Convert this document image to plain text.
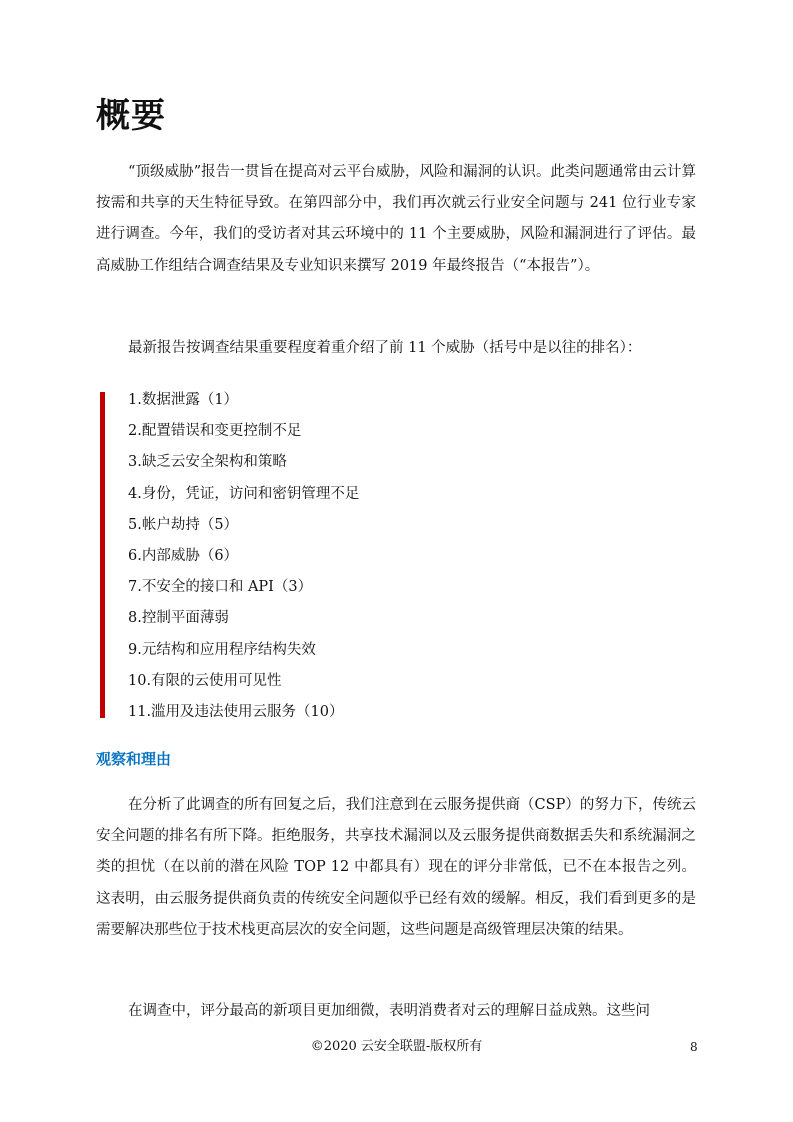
概要

“顶级威胁”报告一贯旨在提高对云平台威胁，风险和漏洞的认识。此类问题通常由云计算按需和共享的天生特征导致。在第四部分中，我们再次就云行业安全问题与 241 位行业专家进行调查。今年，我们的受访者对其云环境中的 11 个主要威胁，风险和漏洞进行了评估。最高威胁工作组结合调查结果及专业知识来撰写 2019 年最终报告（“本报告”）。

最新报告按调查结果重要程度着重介绍了前 11 个威胁（括号中是以往的排名）：

1.数据泄露（1）
2.配置错误和变更控制不足
3.缺乏云安全架构和策略
4.身份，凭证，访问和密钥管理不足
5.帐户劫持（5）
6.内部威胁（6）
7.不安全的接口和 API（3）
8.控制平面薄弱
9.元结构和应用程序结构失效
10.有限的云使用可见性
11.滥用及违法使用云服务（10）
观察和理由

在分析了此调查的所有回复之后，我们注意到在云服务提供商（CSP）的努力下，传统云安全问题的排名有所下降。拒绝服务，共享技术漏洞以及云服务提供商数据丢失和系统漏洞之类的担忧（在以前的潜在风险 TOP 12 中都具有）现在的评分非常低，已不在本报告之列。这表明，由云服务提供商负责的传统安全问题似乎已经有效的缓解。相反，我们看到更多的是需要解决那些位于技术栈更高层次的安全问题，这些问题是高级管理层决策的结果。

在调查中，评分最高的新项目更加细微，表明消费者对云的理解日益成熟。这些问

©2020 云安全联盟-版权所有	8
